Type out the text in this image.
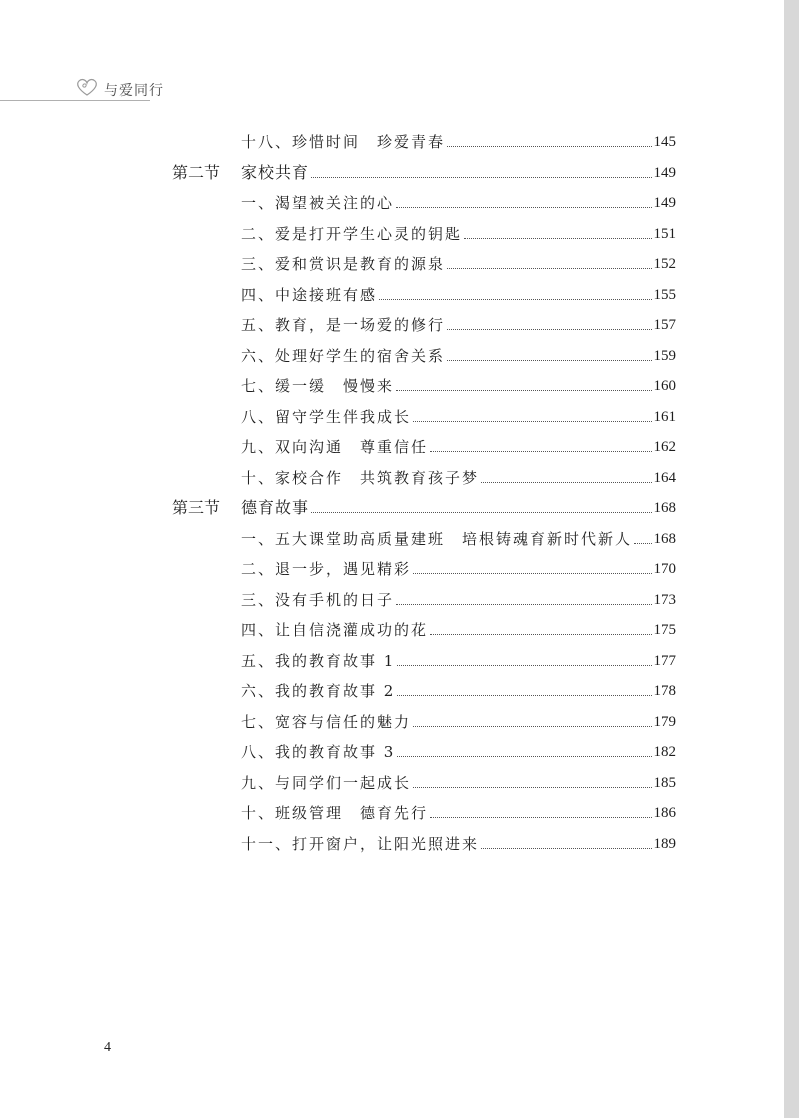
与爱同行
十八、珍惜时间　珍爱青春	145
第二节	家校共育	149
一、渴望被关注的心	149
二、爱是打开学生心灵的钥匙	151
三、爱和赏识是教育的源泉	152
四、中途接班有感	155
五、教育，是一场爱的修行	157
六、处理好学生的宿舍关系	159
七、缓一缓　慢慢来	160
八、留守学生伴我成长	161
九、双向沟通　尊重信任	162
十、家校合作　共筑教育孩子梦	164
第三节	德育故事	168
一、五大课堂助高质量建班　培根铸魂育新时代新人 168
二、退一步，遇见精彩	170
三、没有手机的日子	173
四、让自信浇灌成功的花	175
五、我的教育故事 1	177
六、我的教育故事 2	178
七、宽容与信任的魅力	179
八、我的教育故事 3	182
九、与同学们一起成长	185
十、班级管理　德育先行	186
十一、打开窗户，让阳光照进来	189
4
